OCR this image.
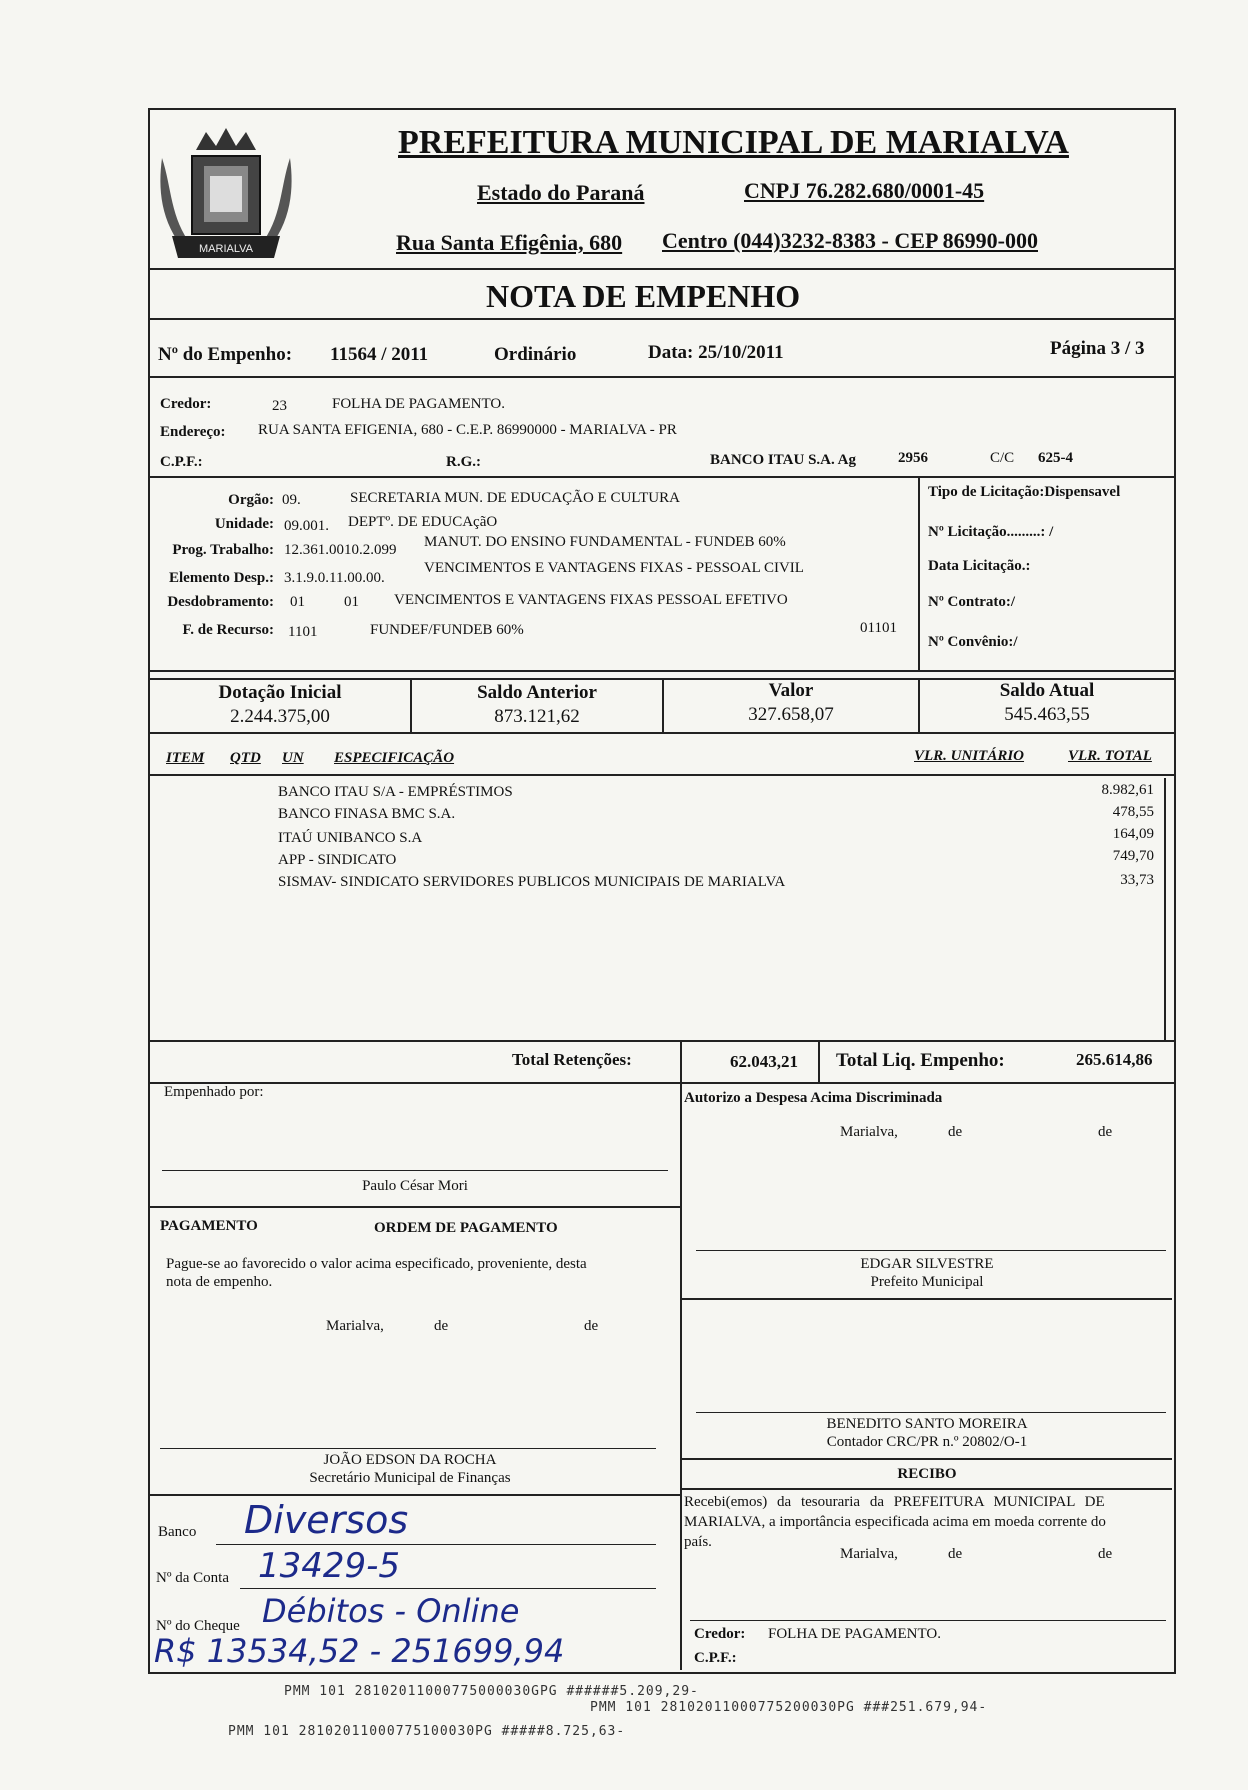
MARIALVA
PREFEITURA MUNICIPAL DE MARIALVA
Estado do Paraná	CNPJ 76.282.680/0001-45
Rua Santa Efigênia, 680 Centro (044)3232-8383 - CEP 86990-000
NOTA DE EMPENHO
Nº do Empenho: 11564 / 2011	Ordinário	Data: 25/10/2011	Página 3 / 3
Credor:	23	FOLHA DE PAGAMENTO.
Endereço: RUA SANTA EFIGENIA, 680 - C.E.P. 86990000 - MARIALVA - PR
C.P.F.:	R.G.:	BANCO ITAU S.A. Ag	2956	C/C 625-4
Orgão: 09.	SECRETARIA MUN. DE EDUCAÇÃO E CULTURA
Unidade: 09.001. DEPTº. DE EDUCAçãO
Prog. Trabalho: 12.361.0010.2.099 MANUT. DO ENSINO FUNDAMENTAL - FUNDEB 60%
Elemento Desp.: 3.1.9.0.11.00.00.
VENCIMENTOS E VANTAGENS FIXAS - PESSOAL CIVIL
Desdobramento: 01	01 VENCIMENTOS E VANTAGENS FIXAS PESSOAL EFETIVO
F. de Recurso: 1101	FUNDEF/FUNDEB 60%	01101
Tipo de Licitação:Dispensavel
Nº Licitação.........: /
Data Licitação.:
Nº Contrato:/
Nº Convênio:/
Dotação Inicial
2.244.375,00
Saldo Anterior
873.121,62
Valor
327.658,07
Saldo Atual
545.463,55
ITEM QTD UN ESPECIFICAÇÃO	VLR. UNITÁRIO	VLR. TOTAL
BANCO ITAU S/A - EMPRÉSTIMOS	8.982,61
BANCO FINASA BMC S.A.	478,55
ITAÚ UNIBANCO S.A	164,09
APP - SINDICATO	749,70
SISMAV- SINDICATO SERVIDORES PUBLICOS MUNICIPAIS DE MARIALVA	33,73
Total Retenções:	62.043,21 Total Liq. Empenho:	265.614,86
Empenhado por:
Paulo César Mori
Autorizo a Despesa Acima Discriminada
Marialva,	de	de
EDGAR SILVESTRE
Prefeito Municipal
BENEDITO SANTO MOREIRA
Contador CRC/PR n.º 20802/O-1
RECIBO
Recebi(emos) da tesouraria da PREFEITURA MUNICIPAL DE
MARIALVA, a importância especificada acima em moeda corrente do
país.
Marialva,	de	de
Credor: FOLHA DE PAGAMENTO.
C.P.F.:
PAGAMENTO	ORDEM DE PAGAMENTO
Pague-se ao favorecido o valor acima especificado, proveniente, desta
nota de empenho.
Marialva,	de	de
JOÃO EDSON DA ROCHA
Secretário Municipal de Finanças
Banco Diversos
Nº da Conta 13429-5
Nº do Cheque Débitos - Online
R$ 13534,52 - 251699,94
PMM 101 28102011000775000030GPG ######5.209,29-
PMM 101 28102011000775200030PG ###251.679,94-
PMM 101 28102011000775100030PG #####8.725,63-
